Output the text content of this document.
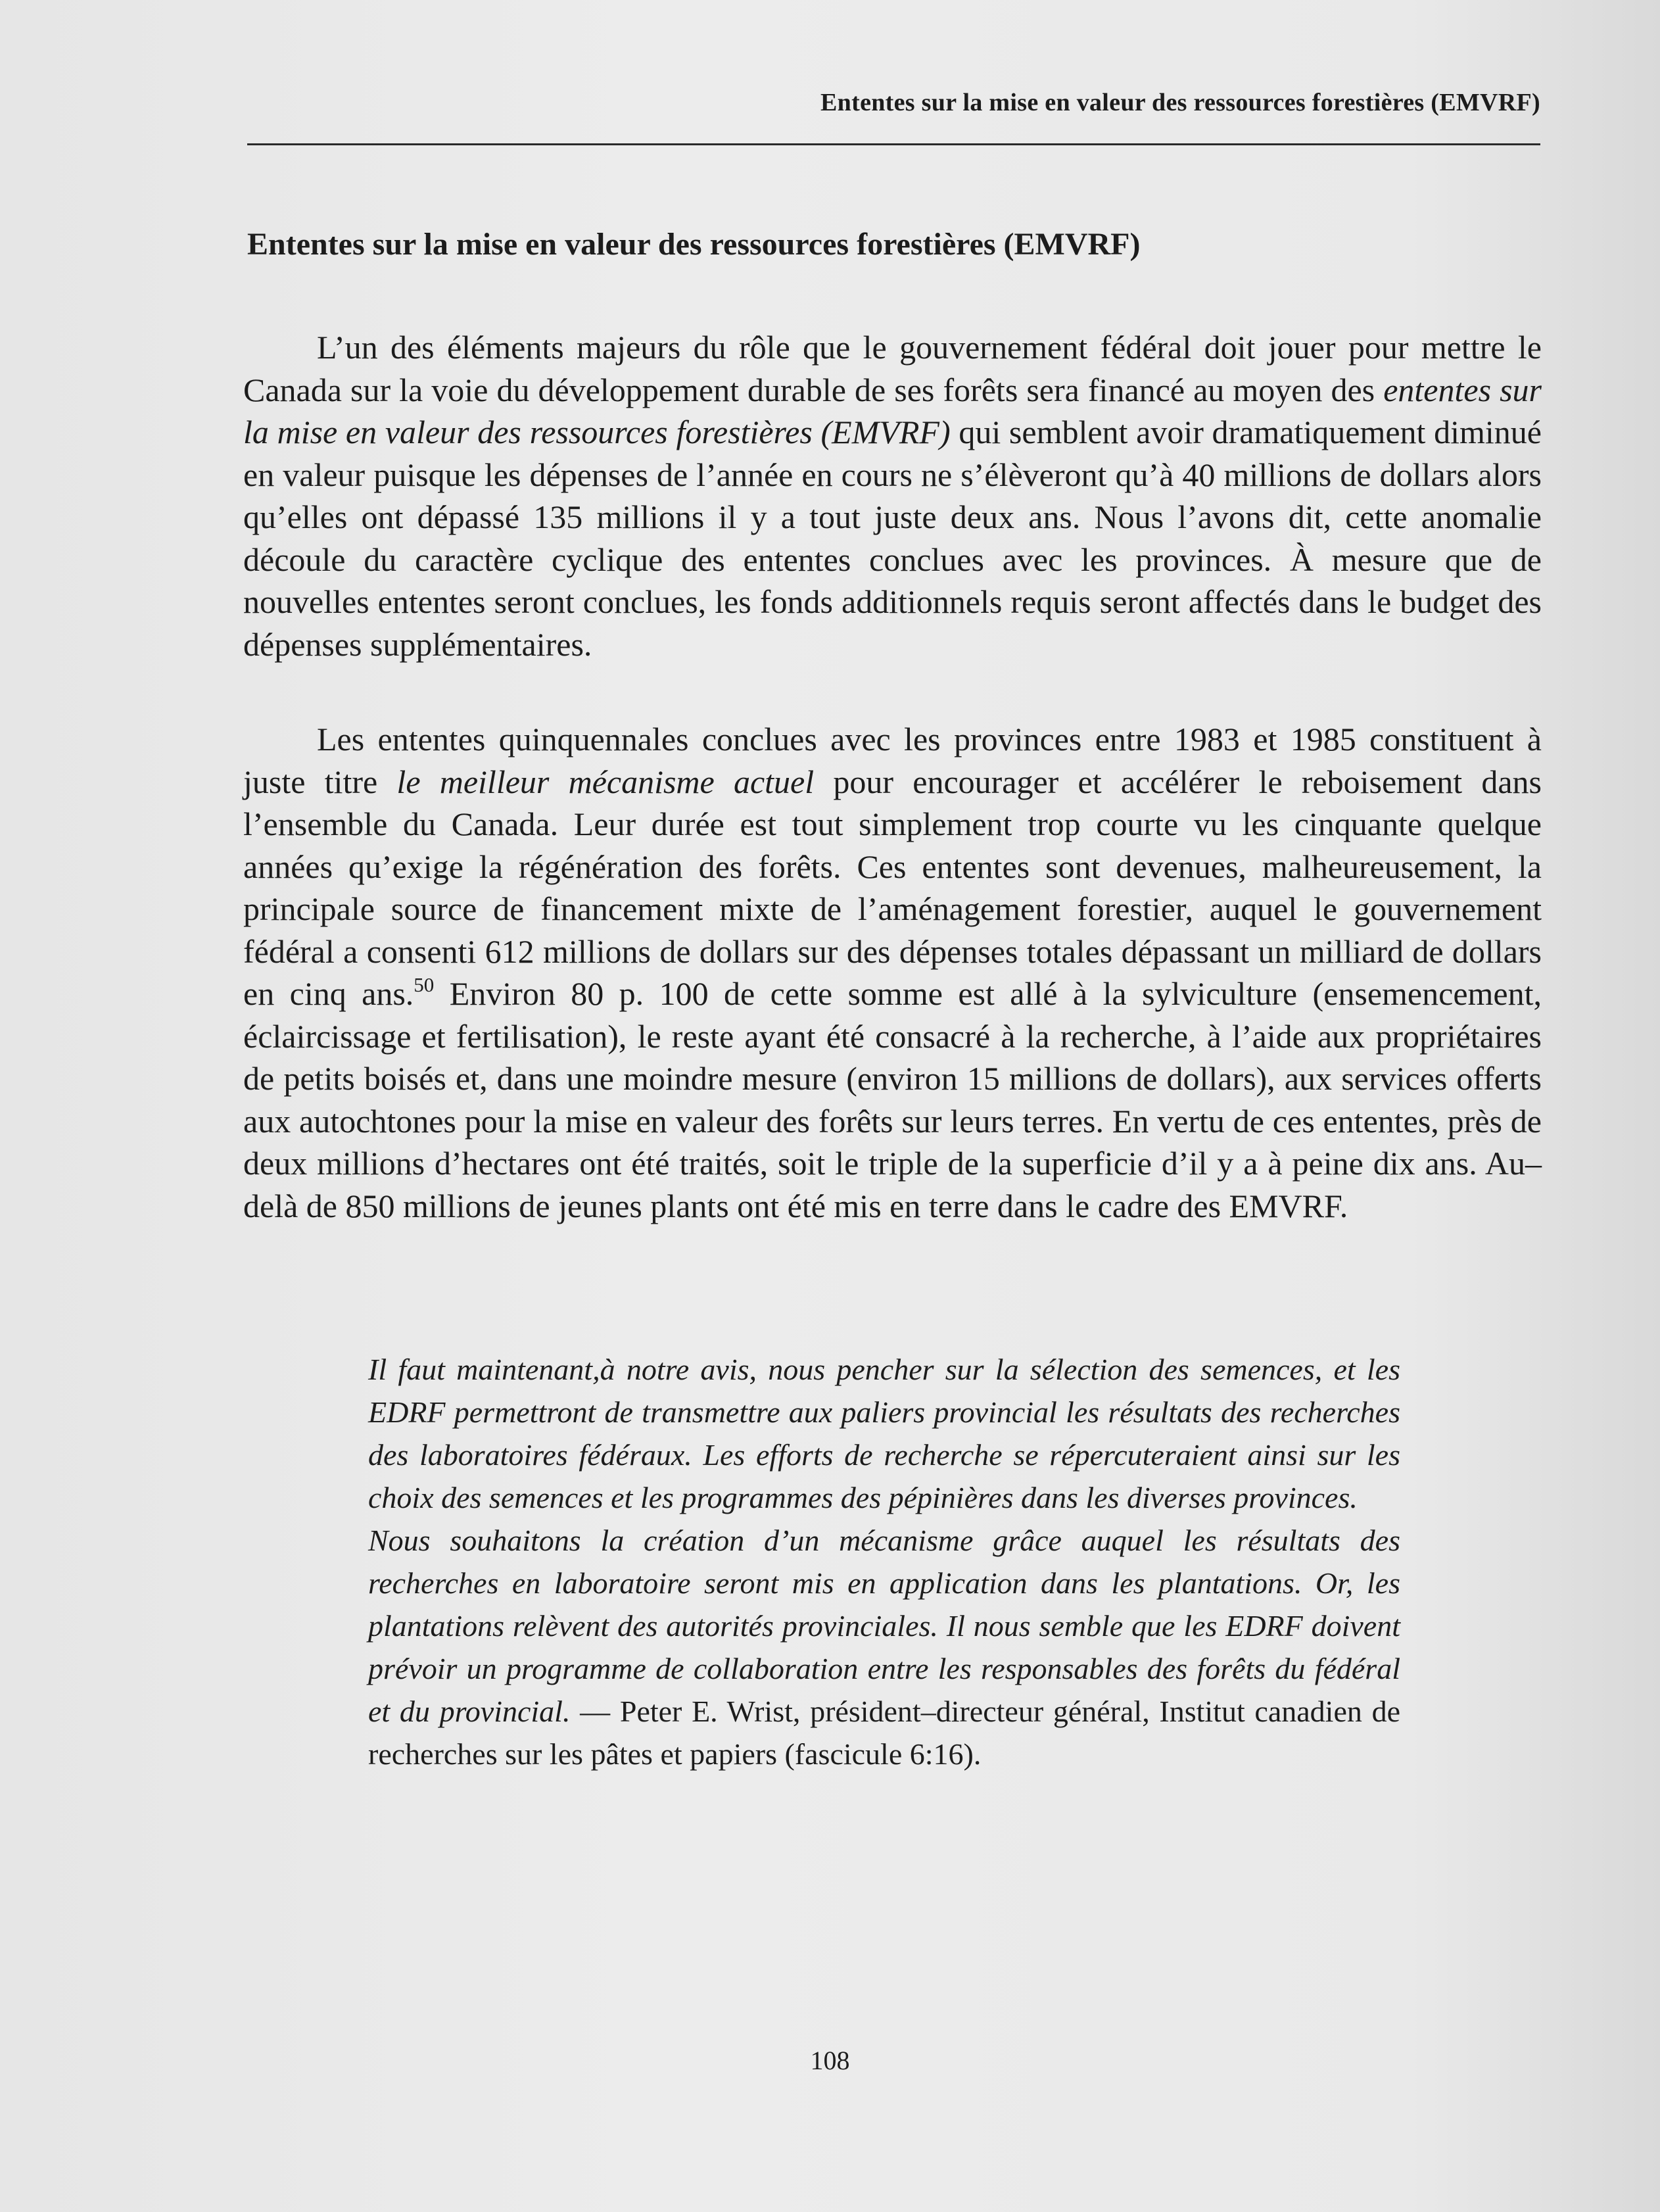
Ententes sur la mise en valeur des ressources forestières (EMVRF)
Ententes sur la mise en valeur des ressources forestières (EMVRF)

L’un des éléments majeurs du rôle que le gouvernement fédéral doit jouer pour mettre le Canada sur la voie du développement durable de ses forêts sera financé au moyen des ententes sur la mise en valeur des ressources forestières (EMVRF) qui semblent avoir dramatiquement diminué en valeur puisque les dépenses de l’année en cours ne s’élèveront qu’à 40 millions de dollars alors qu’elles ont dépassé 135 millions il y a tout juste deux ans. Nous l’avons dit, cette anomalie découle du caractère cyclique des ententes conclues avec les provinces. À mesure que de nouvelles ententes seront conclues, les fonds additionnels requis seront affectés dans le budget des dépenses supplémentaires.

Les ententes quinquennales conclues avec les provinces entre 1983 et 1985 constituent à juste titre le meilleur mécanisme actuel pour encourager et accélérer le reboisement dans l’ensemble du Canada. Leur durée est tout simplement trop courte vu les cinquante quelque années qu’exige la régénération des forêts. Ces ententes sont devenues, malheureusement, la principale source de financement mixte de l’aménagement forestier, auquel le gouvernement fédéral a consenti 612 millions de dollars sur des dépenses totales dépassant un milliard de dollars en cinq ans.$^{50}$ Environ 80 p. 100 de cette somme est allé à la sylviculture (ensemencement, éclaircissage et fertilisation), le reste ayant été consacré à la recherche, à l’aide aux propriétaires de petits boisés et, dans une moindre mesure (environ 15 millions de dollars), aux services offerts aux autochtones pour la mise en valeur des forêts sur leurs terres. En vertu de ces ententes, près de deux millions d’hectares ont été traités, soit le triple de la superficie d’il y a à peine dix ans. Au–delà de 850 millions de jeunes plants ont été mis en terre dans le cadre des EMVRF.

Il faut maintenant,à notre avis, nous pencher sur la sélection des semences, et les EDRF permettront de transmettre aux paliers provincial les résultats des recherches des laboratoires fédéraux. Les efforts de recherche se répercuteraient ainsi sur les choix des semences et les programmes des pépinières dans les diverses provinces.

Nous souhaitons la création d’un mécanisme grâce auquel les résultats des recherches en laboratoire seront mis en application dans les plantations. Or, les plantations relèvent des autorités provinciales. Il nous semble que les EDRF doivent prévoir un programme de collaboration entre les responsables des forêts du fédéral et du provincial. — Peter E. Wrist, président–directeur général, Institut canadien de recherches sur les pâtes et papiers (fascicule 6:16).

108
